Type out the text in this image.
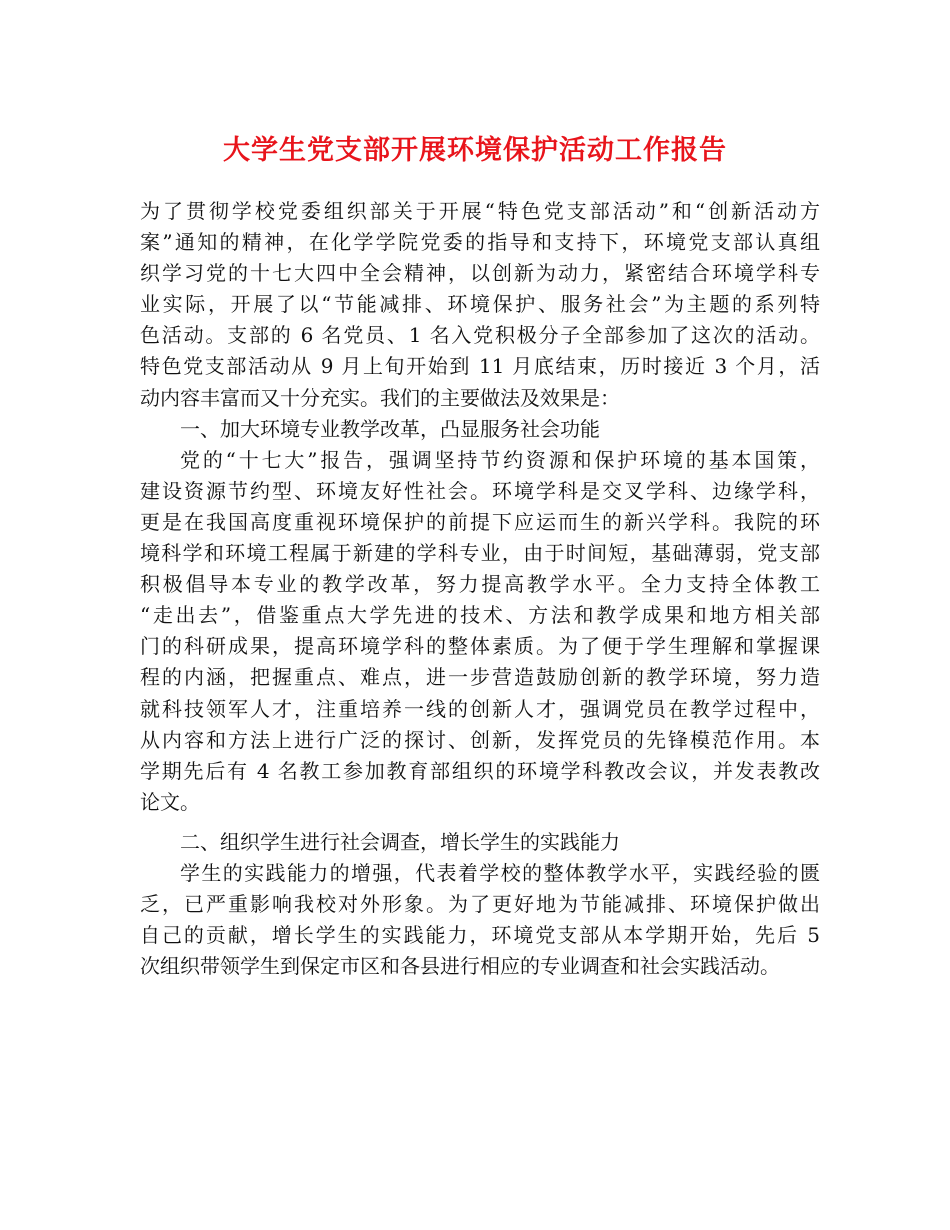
大学生党支部开展环境保护活动工作报告
为了贯彻学校党委组织部关于开展“特色党支部活动”和“创新活动方
案”通知的精神，在化学学院党委的指导和支持下，环境党支部认真组
织学习党的十七大四中全会精神，以创新为动力，紧密结合环境学科专
业实际，开展了以“节能减排、环境保护、服务社会”为主题的系列特
色活动。支部的 6 名党员、1 名入党积极分子全部参加了这次的活动。
特色党支部活动从 9 月上旬开始到 11 月底结束，历时接近 3 个月，活
动内容丰富而又十分充实。我们的主要做法及效果是：
一、加大环境专业教学改革，凸显服务社会功能
党的“十七大”报告，强调坚持节约资源和保护环境的基本国策，
建设资源节约型、环境友好性社会。环境学科是交叉学科、边缘学科，
更是在我国高度重视环境保护的前提下应运而生的新兴学科。我院的环
境科学和环境工程属于新建的学科专业，由于时间短，基础薄弱，党支部
积极倡导本专业的教学改革，努力提高教学水平。全力支持全体教工
“走出去”，借鉴重点大学先进的技术、方法和教学成果和地方相关部
门的科研成果，提高环境学科的整体素质。为了便于学生理解和掌握课
程的内涵，把握重点、难点，进一步营造鼓励创新的教学环境，努力造
就科技领军人才，注重培养一线的创新人才，强调党员在教学过程中，
从内容和方法上进行广泛的探讨、创新，发挥党员的先锋模范作用。本
学期先后有 4 名教工参加教育部组织的环境学科教改会议，并发表教改
论文。
二、组织学生进行社会调查，增长学生的实践能力
学生的实践能力的增强，代表着学校的整体教学水平，实践经验的匮
乏，已严重影响我校对外形象。为了更好地为节能减排、环境保护做出
自己的贡献，增长学生的实践能力，环境党支部从本学期开始，先后 5
次组织带领学生到保定市区和各县进行相应的专业调查和社会实践活动。
